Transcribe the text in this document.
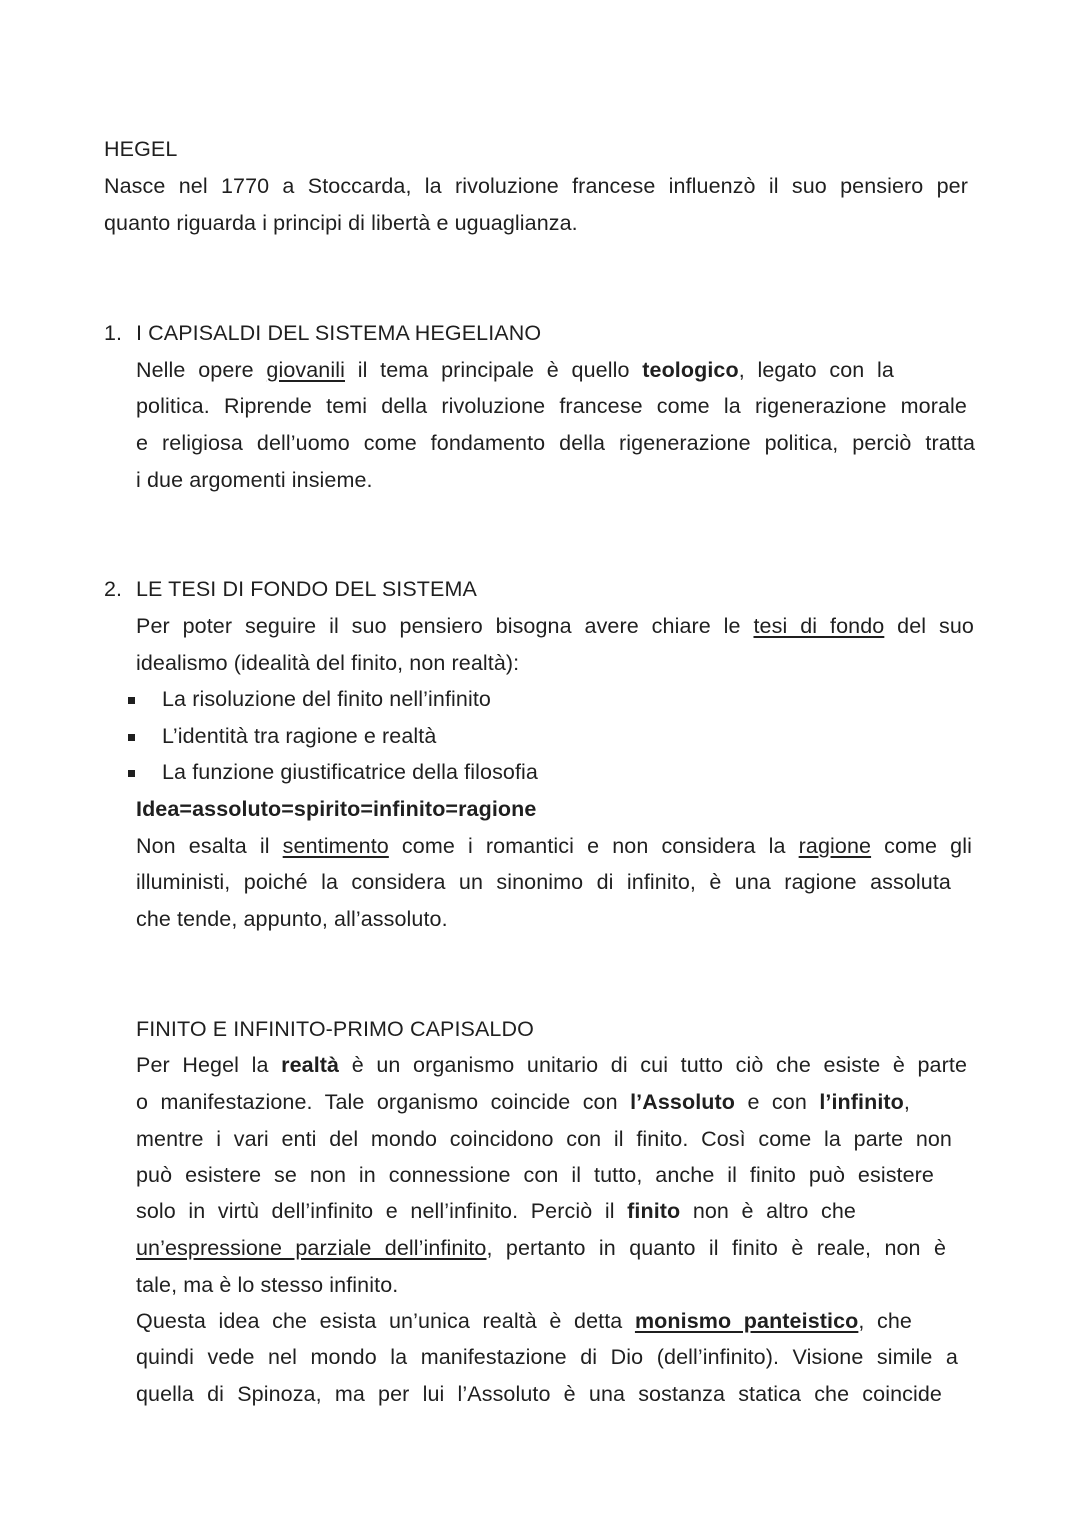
HEGEL
Nasce nel 1770 a Stoccarda, la rivoluzione francese influenzò il suo pensiero per
quanto riguarda i principi di libertà e uguaglianza.
1. I CAPISALDI DEL SISTEMA HEGELIANO
Nelle opere giovanili il tema principale è quello teologico, legato con la
politica. Riprende temi della rivoluzione francese come la rigenerazione morale
e religiosa dell’uomo come fondamento della rigenerazione politica, perciò tratta
i due argomenti insieme.
2. LE TESI DI FONDO DEL SISTEMA
Per poter seguire il suo pensiero bisogna avere chiare le tesi di fondo del suo
idealismo (idealità del finito, non realtà):
La risoluzione del finito nell’infinito
L’identità tra ragione e realtà
La funzione giustificatrice della filosofia
Idea=assoluto=spirito=infinito=ragione
Non esalta il sentimento come i romantici e non considera la ragione come gli
illuministi, poiché la considera un sinonimo di infinito, è una ragione assoluta
che tende, appunto, all’assoluto.
FINITO E INFINITO-PRIMO CAPISALDO
Per Hegel la realtà è un organismo unitario di cui tutto ciò che esiste è parte
o manifestazione. Tale organismo coincide con l’Assoluto e con l’infinito,
mentre i vari enti del mondo coincidono con il finito. Così come la parte non
può esistere se non in connessione con il tutto, anche il finito può esistere
solo in virtù dell’infinito e nell’infinito. Perciò il finito non è altro che
un’espressione parziale dell’infinito, pertanto in quanto il finito è reale, non è
tale, ma è lo stesso infinito.
Questa idea che esista un’unica realtà è detta monismo panteistico, che
quindi vede nel mondo la manifestazione di Dio (dell’infinito). Visione simile a
quella di Spinoza, ma per lui l’Assoluto è una sostanza statica che coincide
